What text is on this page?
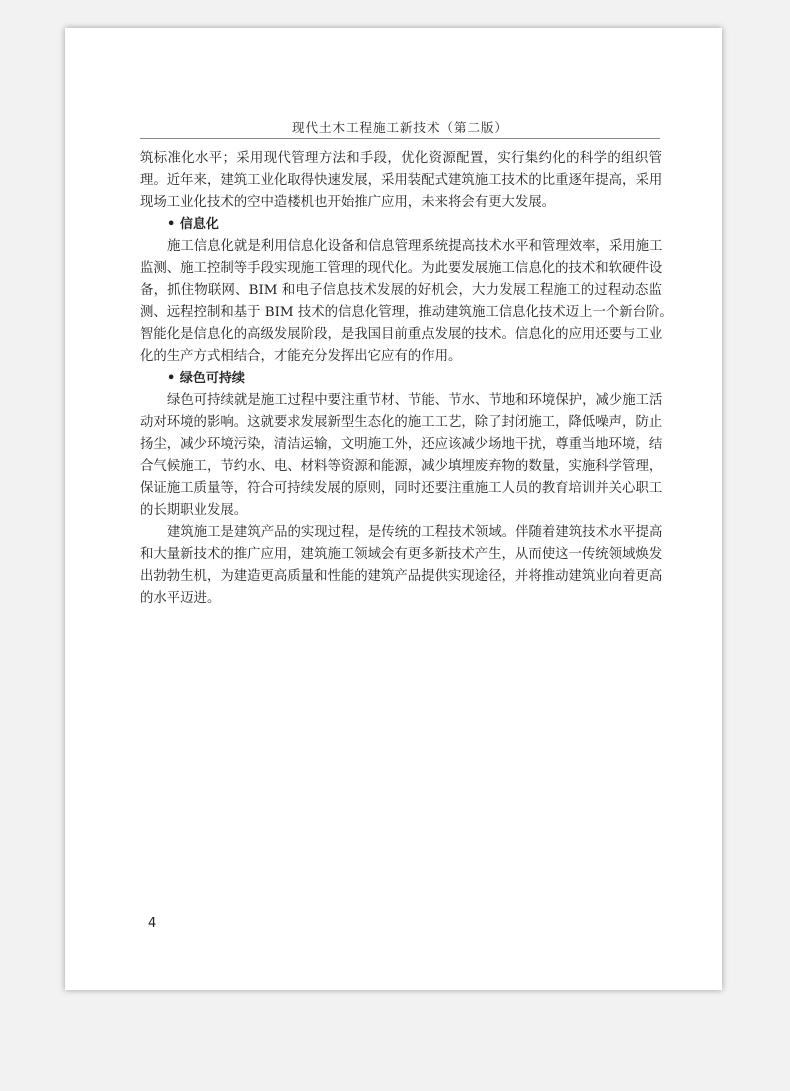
现代土木工程施工新技术（第二版）
筑标准化水平；采用现代管理方法和手段，优化资源配置，实行集约化的科学的组织管
理。近年来，建筑工业化取得快速发展，采用装配式建筑施工技术的比重逐年提高，采用
现场工业化技术的空中造楼机也开始推广应用，未来将会有更大发展。
• 信息化
施工信息化就是利用信息化设备和信息管理系统提高技术水平和管理效率，采用施工
监测、施工控制等手段实现施工管理的现代化。为此要发展施工信息化的技术和软硬件设
备，抓住物联网、BIM 和电子信息技术发展的好机会，大力发展工程施工的过程动态监
测、远程控制和基于 BIM 技术的信息化管理，推动建筑施工信息化技术迈上一个新台阶。
智能化是信息化的高级发展阶段，是我国目前重点发展的技术。信息化的应用还要与工业
化的生产方式相结合，才能充分发挥出它应有的作用。
• 绿色可持续
绿色可持续就是施工过程中要注重节材、节能、节水、节地和环境保护，减少施工活
动对环境的影响。这就要求发展新型生态化的施工工艺，除了封闭施工，降低噪声，防止
扬尘，减少环境污染，清洁运输，文明施工外，还应该减少场地干扰，尊重当地环境，结
合气候施工，节约水、电、材料等资源和能源，减少填埋废弃物的数量，实施科学管理，
保证施工质量等，符合可持续发展的原则，同时还要注重施工人员的教育培训并关心职工
的长期职业发展。
建筑施工是建筑产品的实现过程，是传统的工程技术领域。伴随着建筑技术水平提高
和大量新技术的推广应用，建筑施工领域会有更多新技术产生，从而使这一传统领域焕发
出勃勃生机，为建造更高质量和性能的建筑产品提供实现途径，并将推动建筑业向着更高
的水平迈进。
4
